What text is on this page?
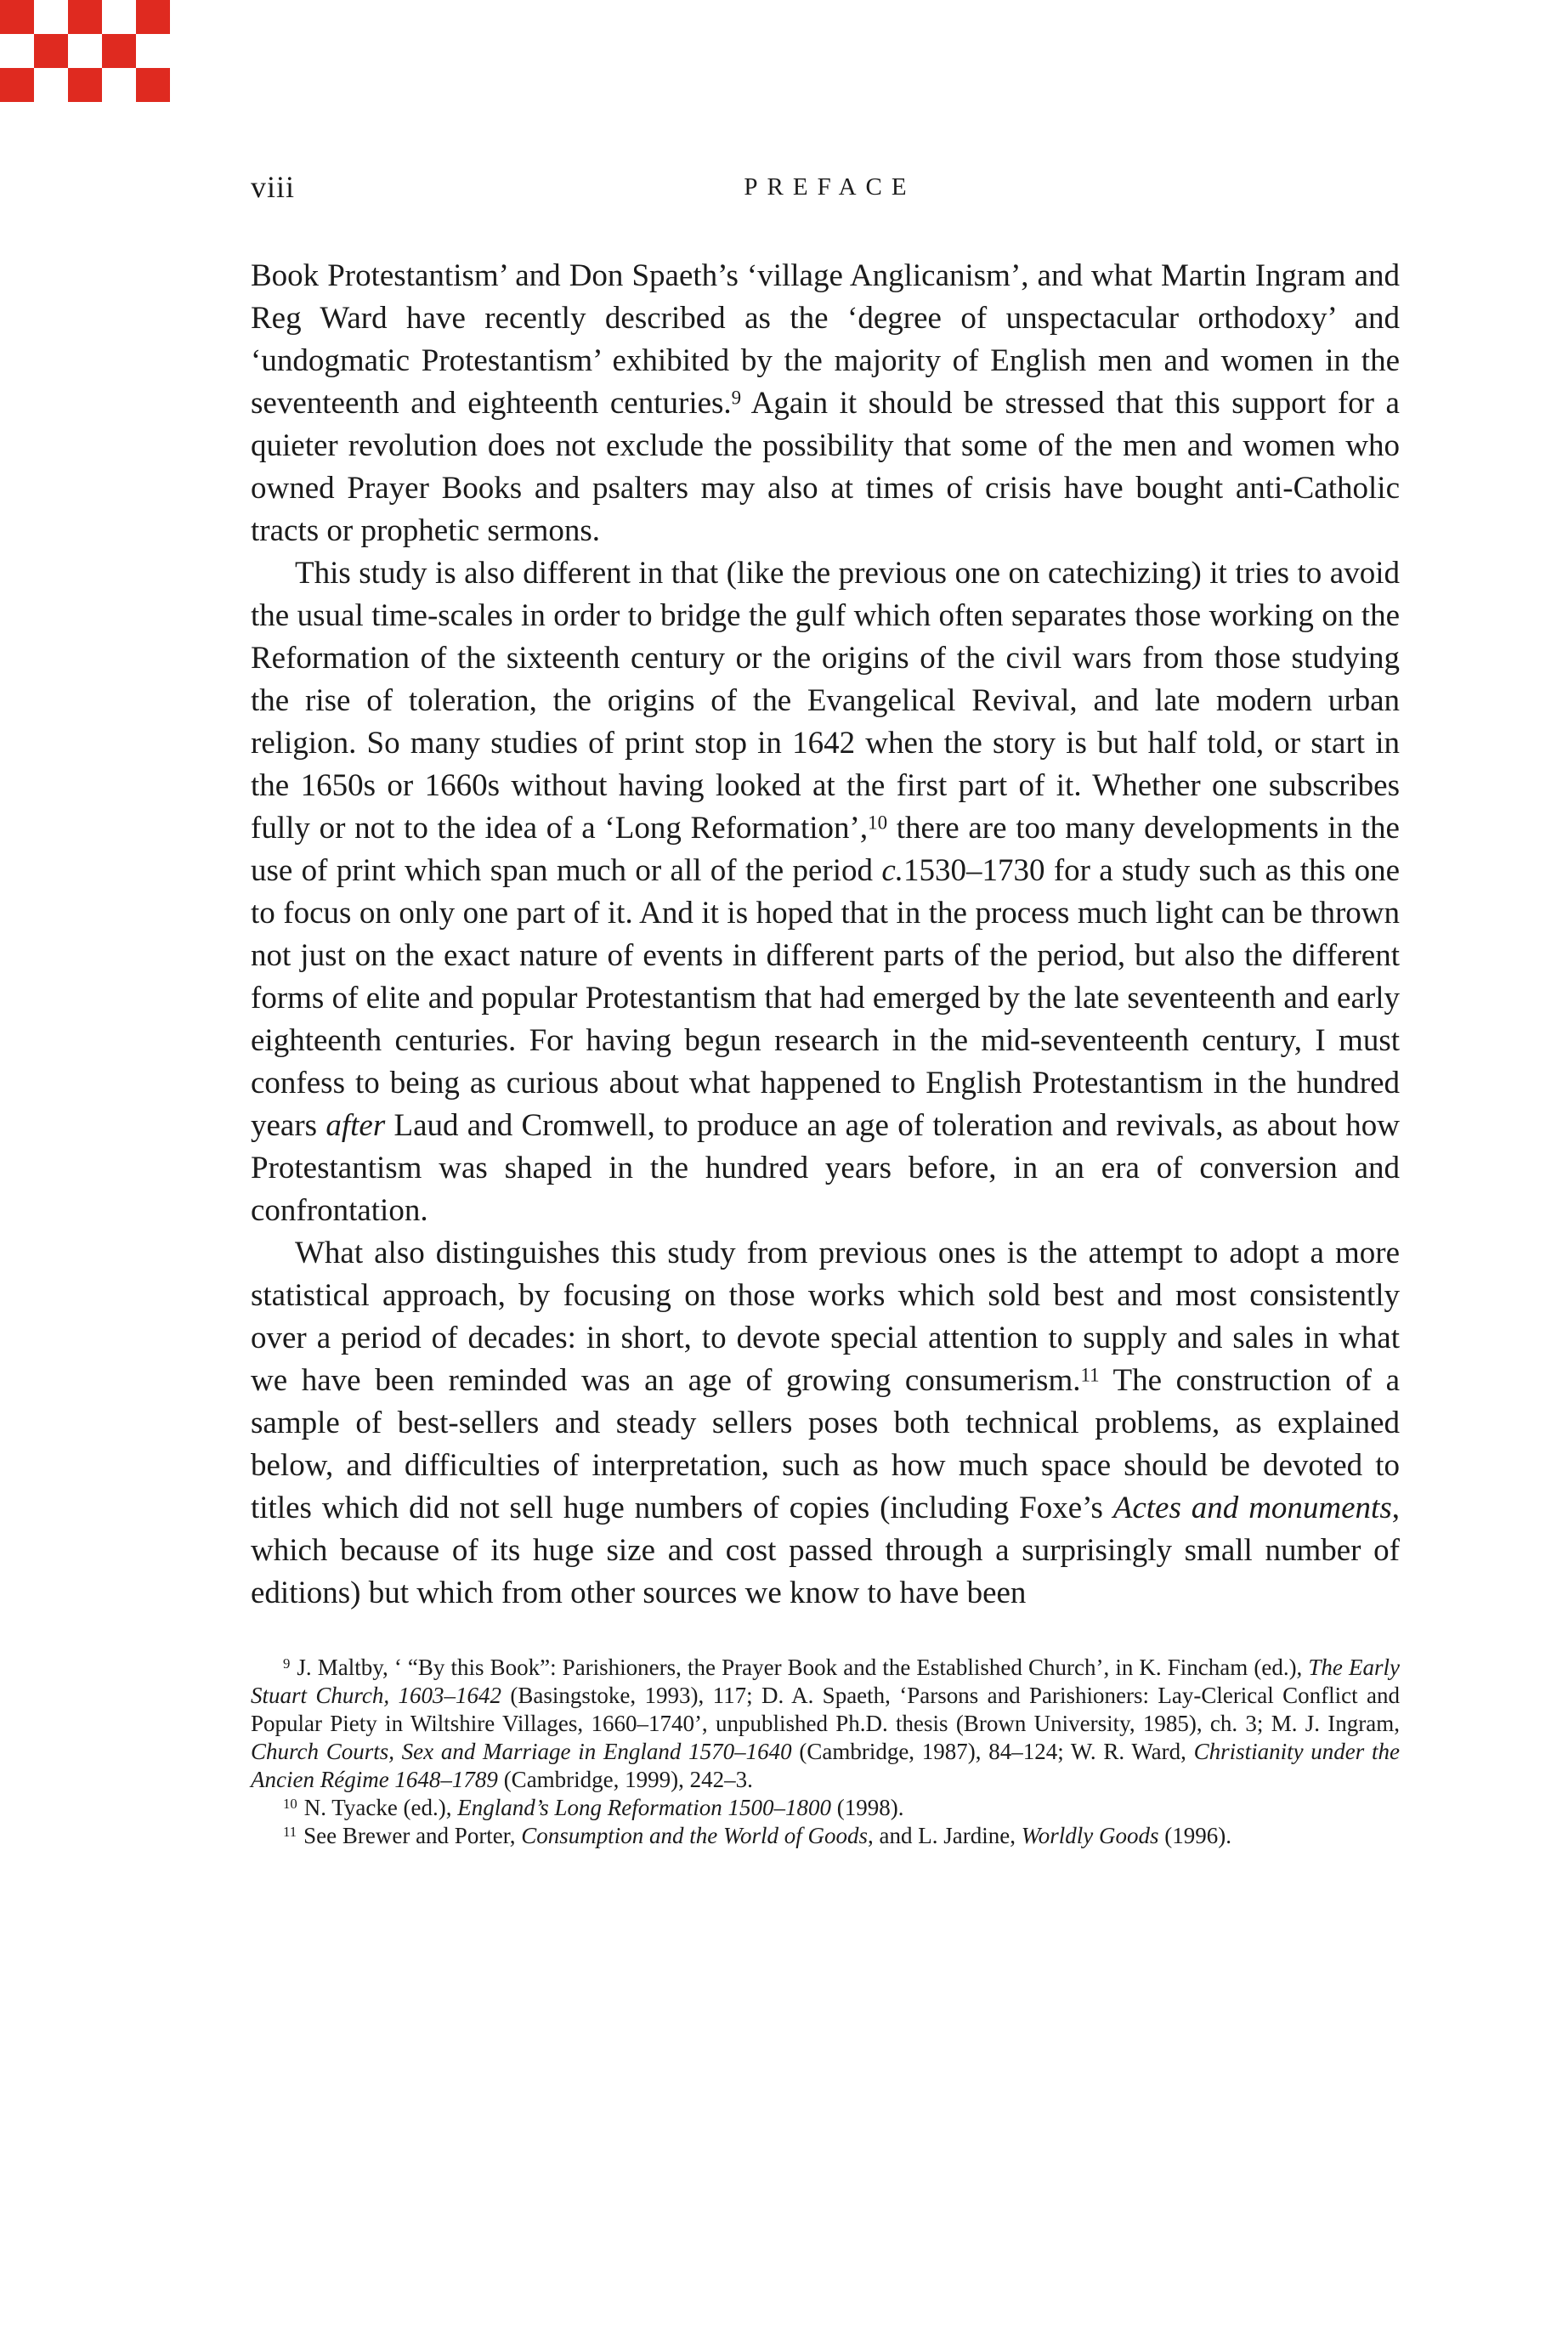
viii	PREFACE

Book Protestantism’ and Don Spaeth’s ‘village Anglicanism’, and what Martin Ingram and Reg Ward have recently described as the ‘degree of unspectacular orthodoxy’ and ‘undogmatic Protestantism’ exhibited by the majority of English men and women in the seventeenth and eighteenth centuries.$^9$ Again it should be stressed that this support for a quieter revolution does not exclude the possibility that some of the men and women who owned Prayer Books and psalters may also at times of crisis have bought anti-Catholic tracts or prophetic sermons.

This study is also different in that (like the previous one on catechizing) it tries to avoid the usual time-scales in order to bridge the gulf which often separates those working on the Reformation of the sixteenth century or the origins of the civil wars from those studying the rise of toleration, the origins of the Evangelical Revival, and late modern urban religion. So many studies of print stop in 1642 when the story is but half told, or start in the 1650s or 1660s without having looked at the first part of it. Whether one subscribes fully or not to the idea of a ‘Long Reformation’,$^{10}$ there are too many developments in the use of print which span much or all of the period c.1530–1730 for a study such as this one to focus on only one part of it. And it is hoped that in the process much light can be thrown not just on the exact nature of events in different parts of the period, but also the different forms of elite and popular Protestantism that had emerged by the late seventeenth and early eighteenth centuries. For having begun research in the mid-seventeenth century, I must confess to being as curious about what happened to English Protestantism in the hundred years after Laud and Cromwell, to produce an age of toleration and revivals, as about how Protestantism was shaped in the hundred years before, in an era of conversion and confrontation.

What also distinguishes this study from previous ones is the attempt to adopt a more statistical approach, by focusing on those works which sold best and most consistently over a period of decades: in short, to devote special attention to supply and sales in what we have been reminded was an age of growing consumerism.$^{11}$ The construction of a sample of best-sellers and steady sellers poses both technical problems, as explained below, and difficulties of interpretation, such as how much space should be devoted to titles which did not sell huge numbers of copies (including Foxe’s Actes and monuments, which because of its huge size and cost passed through a surprisingly small number of editions) but which from other sources we know to have been

$^9$ J. Maltby, ‘ “By this Book”: Parishioners, the Prayer Book and the Established Church’, in K. Fincham (ed.), The Early Stuart Church, 1603–1642 (Basingstoke, 1993), 117; D. A. Spaeth, ‘Parsons and Parishioners: Lay-Clerical Conflict and Popular Piety in Wiltshire Villages, 1660–1740’, unpublished Ph.D. thesis (Brown University, 1985), ch. 3; M. J. Ingram, Church Courts, Sex and Marriage in England 1570–1640 (Cambridge, 1987), 84–124; W. R. Ward, Christianity under the Ancien Régime 1648–1789 (Cambridge, 1999), 242–3.

$^{10}$ N. Tyacke (ed.), England’s Long Reformation 1500–1800 (1998).

$^{11}$ See Brewer and Porter, Consumption and the World of Goods, and L. Jardine, Worldly Goods (1996).
